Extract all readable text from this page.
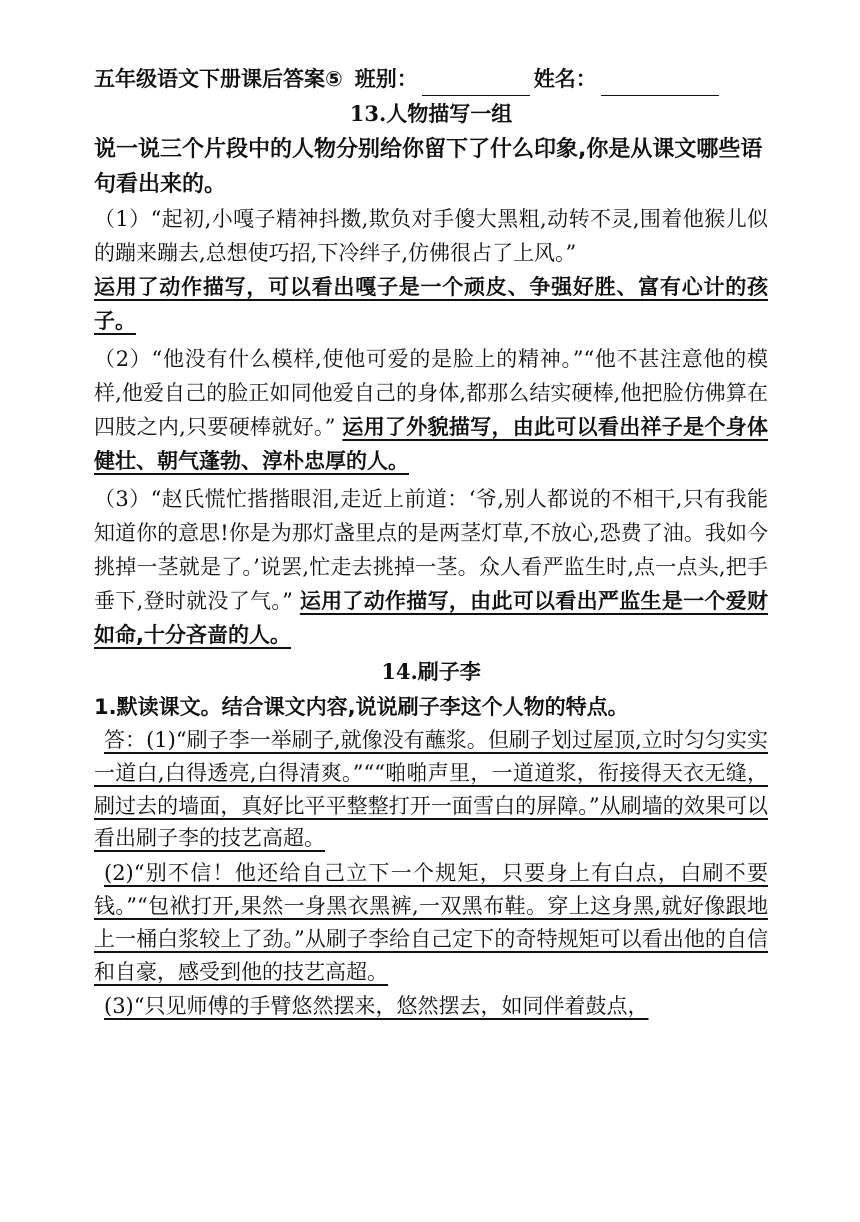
五年级语文下册课后答案⑤ 班别：	姓名：
13.人物描写一组

说一说三个片段中的人物分别给你留下了什么印象,你是从课文哪些语句看出来的。

（1）“起初,小嘎子精神抖擞,欺负对手傻大黑粗,动转不灵,围着他猴儿似的蹦来蹦去,总想使巧招,下冷绊子,仿佛很占了上风。”
运用了动作描写，可以看出嘎子是一个顽皮、争强好胜、富有心计的孩子。

（2）“他没有什么模样,使他可爱的是脸上的精神。”“他不甚注意他的模样,他爱自己的脸正如同他爱自己的身体,都那么结实硬棒,他把脸仿佛算在四肢之内,只要硬棒就好。” 运用了外貌描写，由此可以看出祥子是个身体健壮、朝气蓬勃、淳朴忠厚的人。

（3）“赵氏慌忙揩揩眼泪,走近上前道：‘爷,别人都说的不相干,只有我能知道你的意思!你是为那灯盏里点的是两茎灯草,不放心,恐费了油。我如今挑掉一茎就是了。’说罢,忙走去挑掉一茎。众人看严监生时,点一点头,把手垂下,登时就没了气。” 运用了动作描写，由此可以看出严监生是一个爱财如命,十分吝啬的人。

14.刷子李

1.默读课文。结合课文内容,说说刷子李这个人物的特点。

答：(1)“刷子李一举刷子,就像没有蘸浆。但刷子划过屋顶,立时匀匀实实一道白,白得透亮,白得清爽。”““啪啪声里，一道道浆，衔接得天衣无缝，刷过去的墙面，真好比平平整整打开一面雪白的屏障。”从刷墙的效果可以看出刷子李的技艺高超。

(2)“别不信！他还给自己立下一个规矩，只要身上有白点，白刷不要钱。”“包袱打开,果然一身黑衣黑裤,一双黑布鞋。穿上这身黑,就好像跟地上一桶白浆较上了劲。”从刷子李给自己定下的奇特规矩可以看出他的自信和自豪，感受到他的技艺高超。

(3)“只见师傅的手臂悠然摆来，悠然摆去，如同伴着鼓点，
